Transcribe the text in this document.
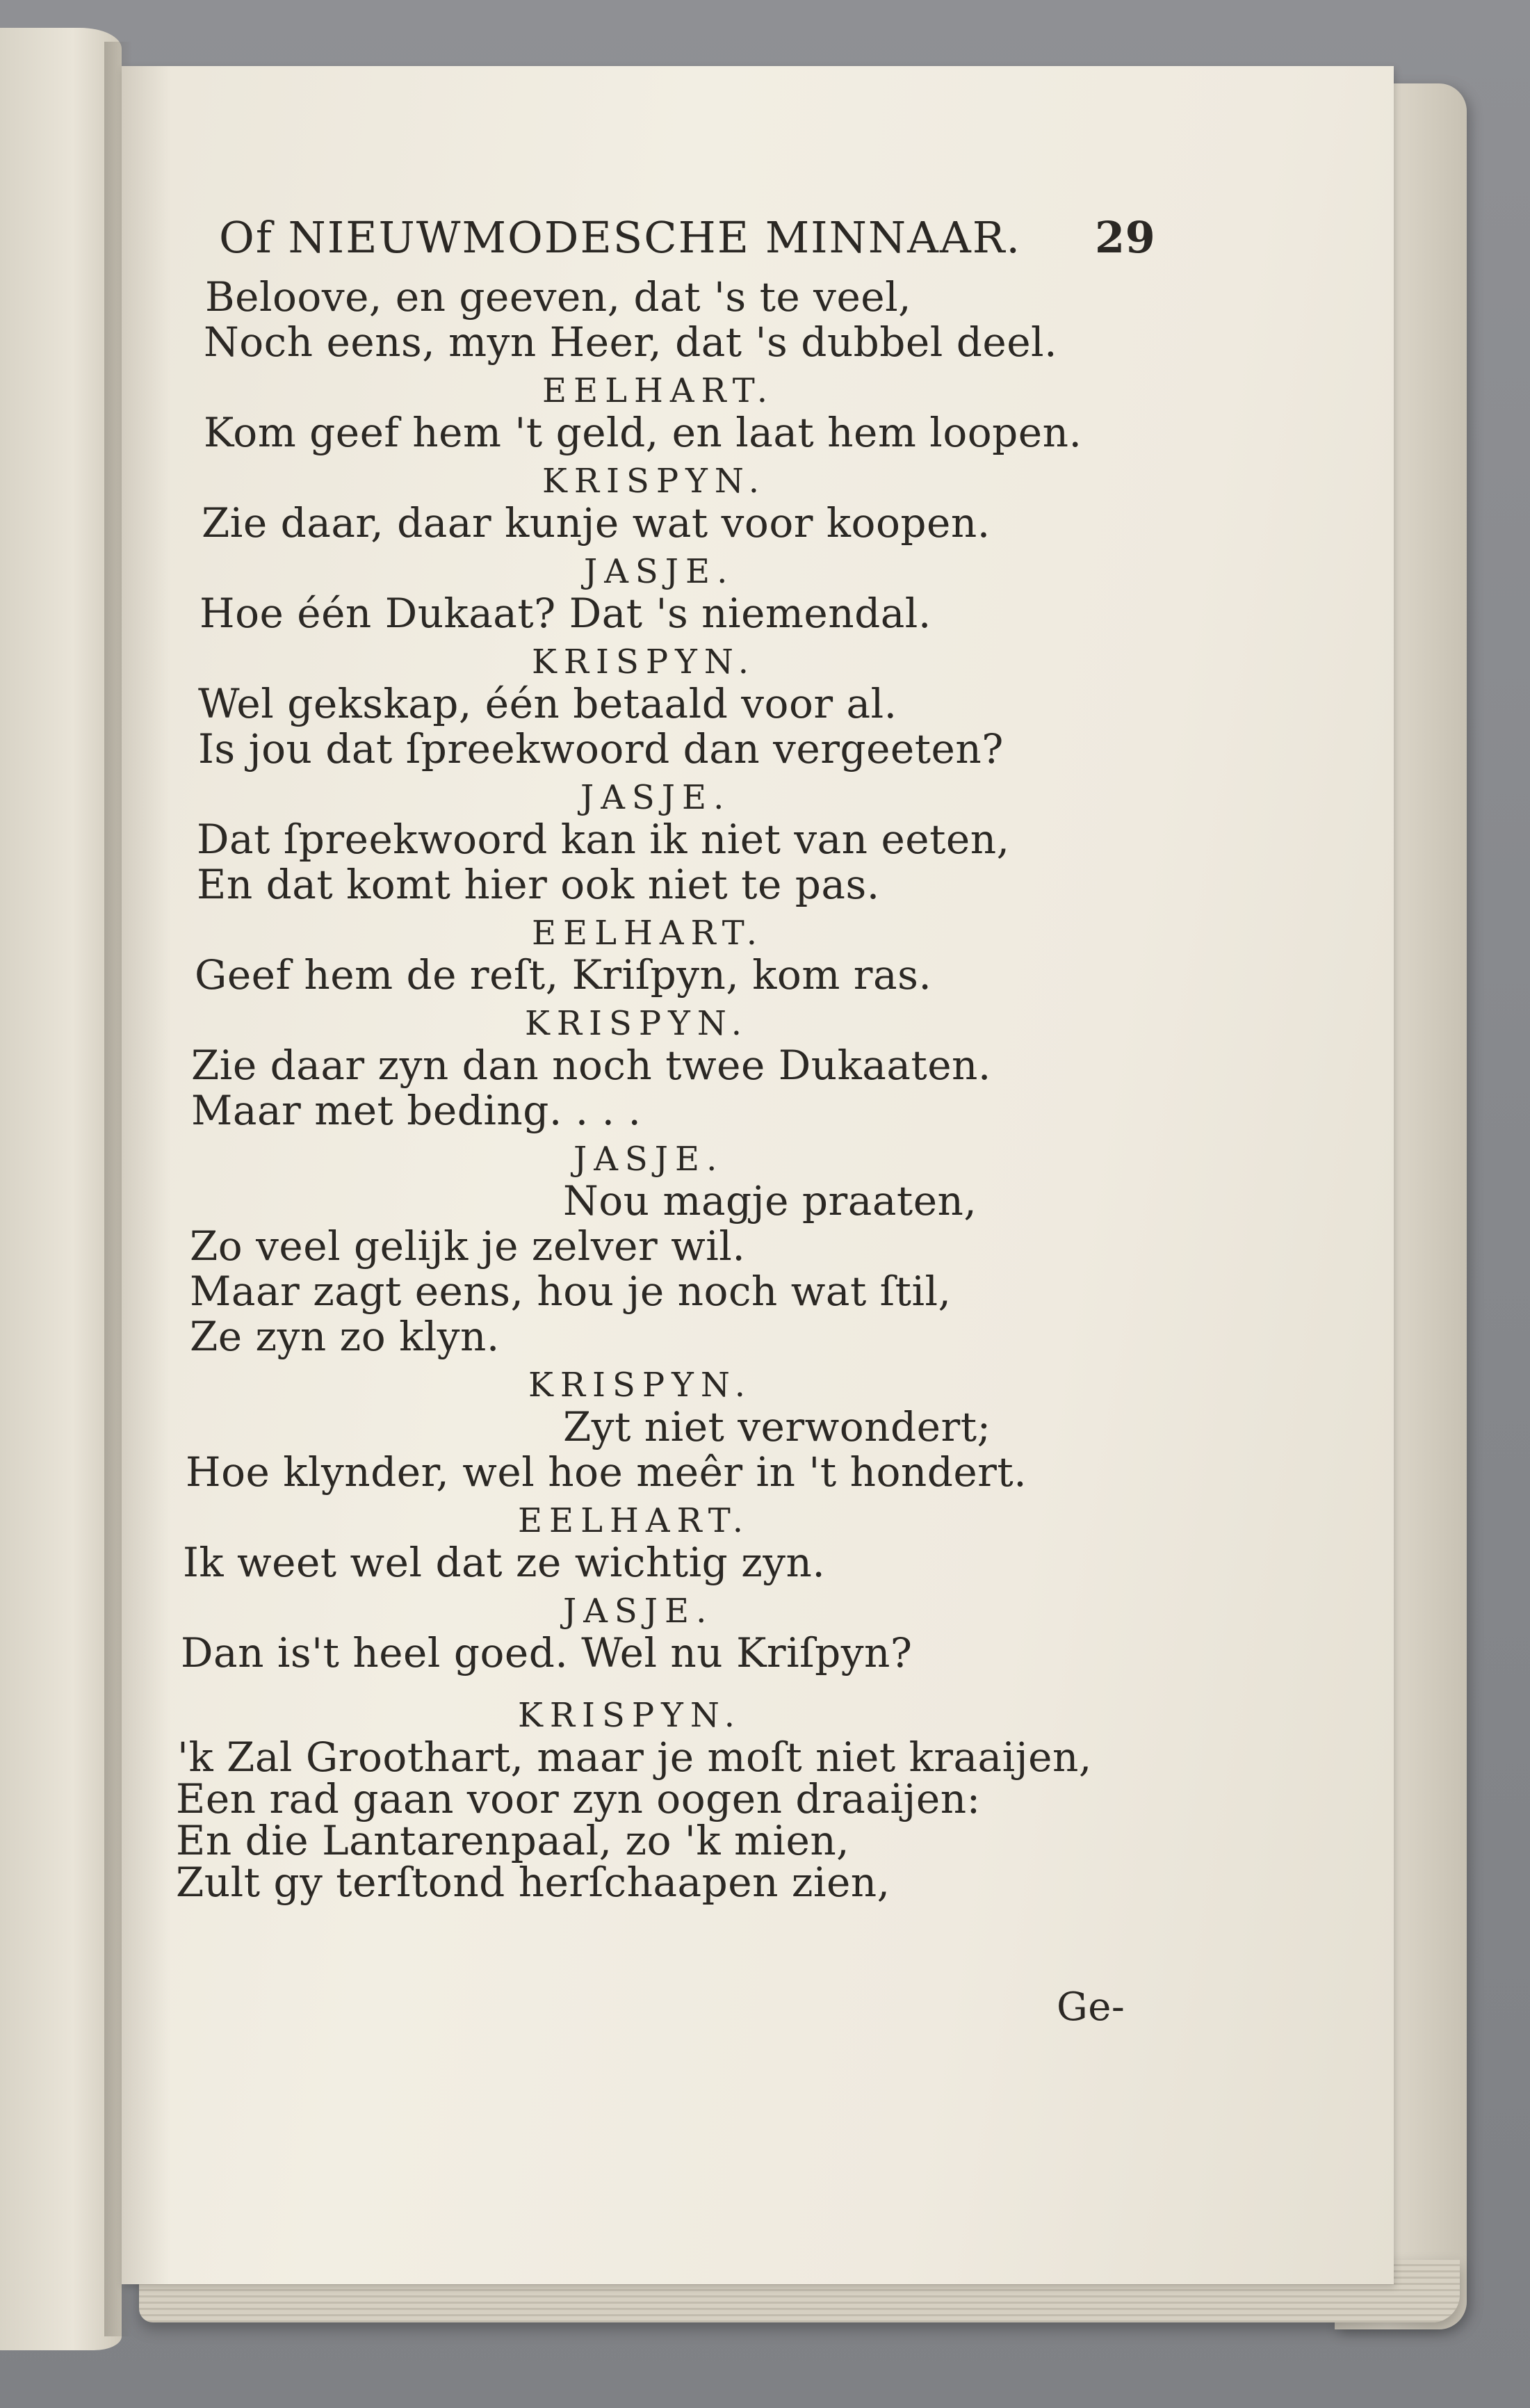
Of NIEUWMODESCHE MINNAAR. 29
Beloove, en geeven, dat 's te veel,
Noch eens, myn Heer, dat 's dubbel deel.
EELHART.
Kom geef hem 't geld, en laat hem loopen.
KRISPYN.
Zie daar, daar kunje wat voor koopen.
JASJE.
Hoe één Dukaat? Dat 's niemendal.
KRISPYN.
Wel gekskap, één betaald voor al.
Is jou dat ſpreekwoord dan vergeeten?
JASJE.
Dat ſpreekwoord kan ik niet van eeten,
En dat komt hier ook niet te pas.
EELHART.
Geef hem de reſt, Kriſpyn, kom ras.
KRISPYN.
Zie daar zyn dan noch twee Dukaaten.
Maar met beding. . . .
JASJE.
Nou magje praaten,
Zo veel gelijk je zelver wil.
Maar zagt eens, hou je noch wat ſtil,
Ze zyn zo klyn.
KRISPYN.
Zyt niet verwondert;
Hoe klynder, wel hoe meêr in 't hondert.
EELHART.
Ik weet wel dat ze wichtig zyn.
JASJE.
Dan is't heel goed. Wel nu Kriſpyn?
KRISPYN.
'k Zal Groothart, maar je moſt niet kraaijen,
Een rad gaan voor zyn oogen draaijen:
En die Lantarenpaal, zo 'k mien,
Zult gy terſtond herſchaapen zien,
Ge-
